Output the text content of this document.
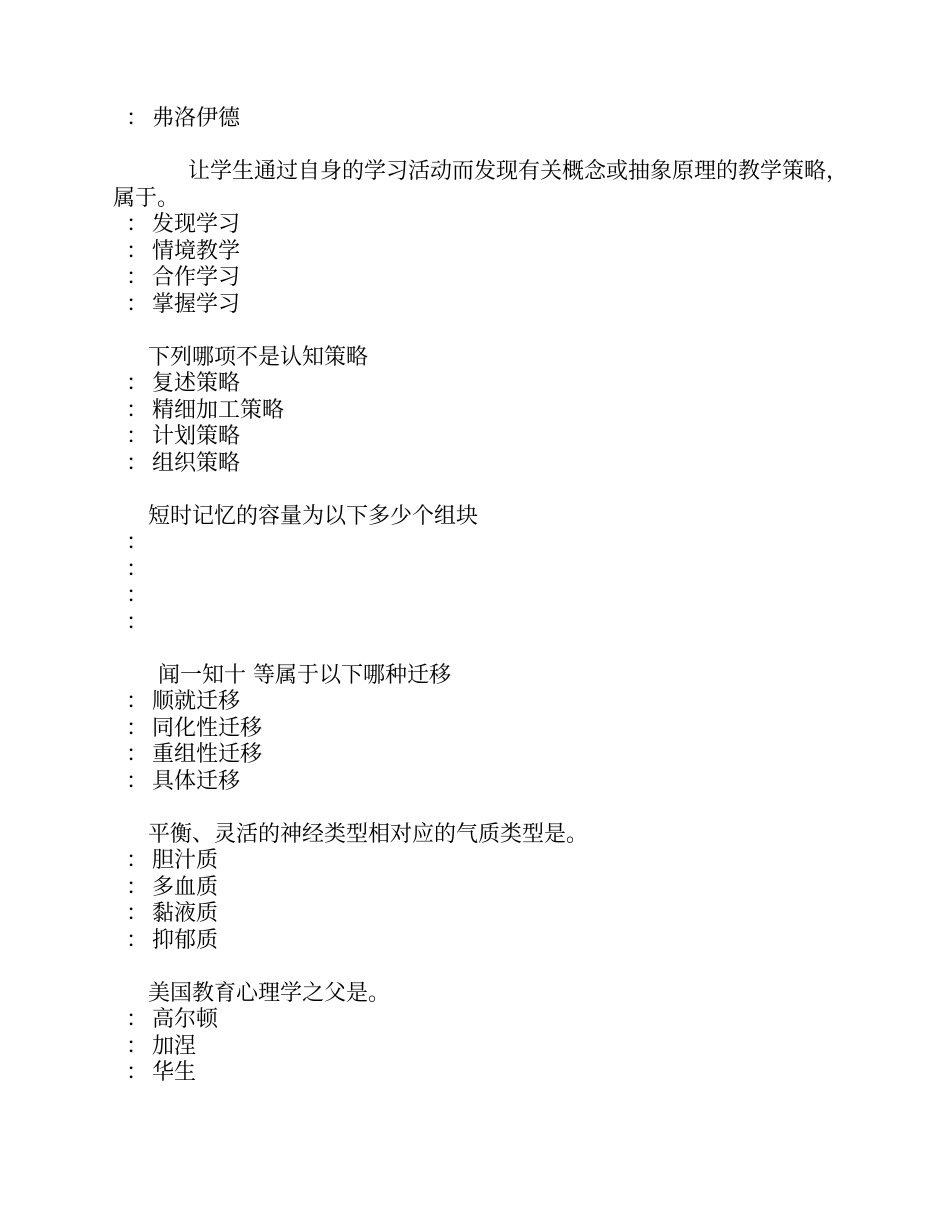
： 弗洛伊德
让学生通过自身的学习活动而发现有关概念或抽象原理的教学策略，属于。
： 发现学习
： 情境教学
： 合作学习
： 掌握学习
下列哪项不是认知策略
： 复述策略
： 精细加工策略
： 计划策略
： 组织策略
短时记忆的容量为以下多少个组块
：
：
：
：
闻一知十 等属于以下哪种迁移
： 顺就迁移
： 同化性迁移
： 重组性迁移
： 具体迁移
平衡、灵活的神经类型相对应的气质类型是。
： 胆汁质
： 多血质
： 黏液质
： 抑郁质
美国教育心理学之父是。
： 高尔顿
： 加涅
： 华生
